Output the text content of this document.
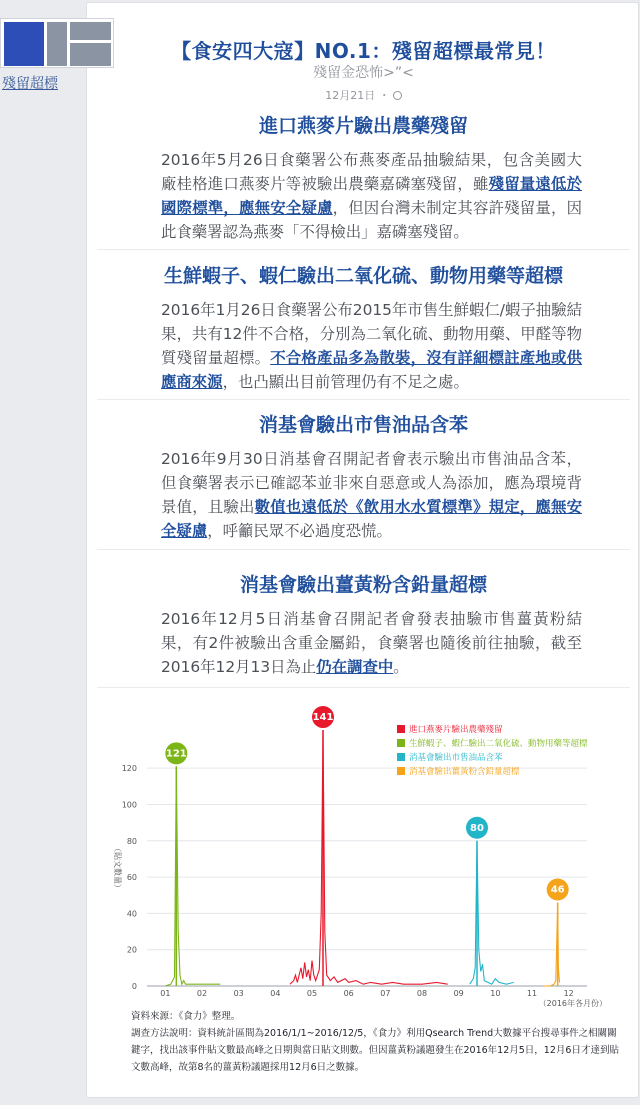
殘留超標
【食安四大寇】NO.1：殘留超標最常見！
殘留金恐怖>”<
12月21日 ・
進口燕麥片驗出農藥殘留
2016年5月26日食藥署公布燕麥產品抽驗結果，包含美國大廠桂格進口燕麥片等被驗出農藥嘉磷塞殘留，雖殘留量遠低於國際標準，應無安全疑慮，但因台灣未制定其容許殘留量，因此食藥署認為燕麥「不得檢出」嘉磷塞殘留。
生鮮蝦子、蝦仁驗出二氧化硫、動物用藥等超標
2016年1月26日食藥署公布2015年市售生鮮蝦仁/蝦子抽驗結果，共有12件不合格，分別為二氧化硫、動物用藥、甲醛等物質殘留量超標。不合格產品多為散裝，沒有詳細標註產地或供應商來源，也凸顯出目前管理仍有不足之處。
消基會驗出市售油品含苯
2016年9月30日消基會召開記者會表示驗出市售油品含苯，但食藥署表示已確認苯並非來自惡意或人為添加，應為環境背景值，且驗出數值也遠低於《飲用水水質標準》規定，應無安全疑慮，呼籲民眾不必過度恐慌。
消基會驗出薑黃粉含鉛量超標
2016年12月5日消基會召開記者會發表抽驗市售薑黃粉結果，有2件被驗出含重金屬鉛，食藥署也隨後前往抽驗，截至2016年12月13日為止仍在調查中。
0
20
40
60
80
100
120
01	02	03	04	05	06	07	08	09	10	11	12
（2016年各月份）
（貼文數量）
141
進口燕麥片驗出農藥殘留
121
生鮮蝦子、蝦仁驗出二氧化硫、動物用藥等超標
80
消基會驗出市售油品含苯
46
消基會驗出薑黃粉含鉛量超標
資料來源：《食力》整理。
調查方法說明：資料統計區間為2016/1/1~2016/12/5，《食力》利用Qsearch Trend大數據平台搜尋事件之相關關鍵字，找出該事件貼文數最高峰之日期與當日貼文則數。但因薑黃粉議題發生在2016年12月5日，12月6日才達到貼文數高峰，故第8名的薑黃粉議題採用12月6日之數據。
